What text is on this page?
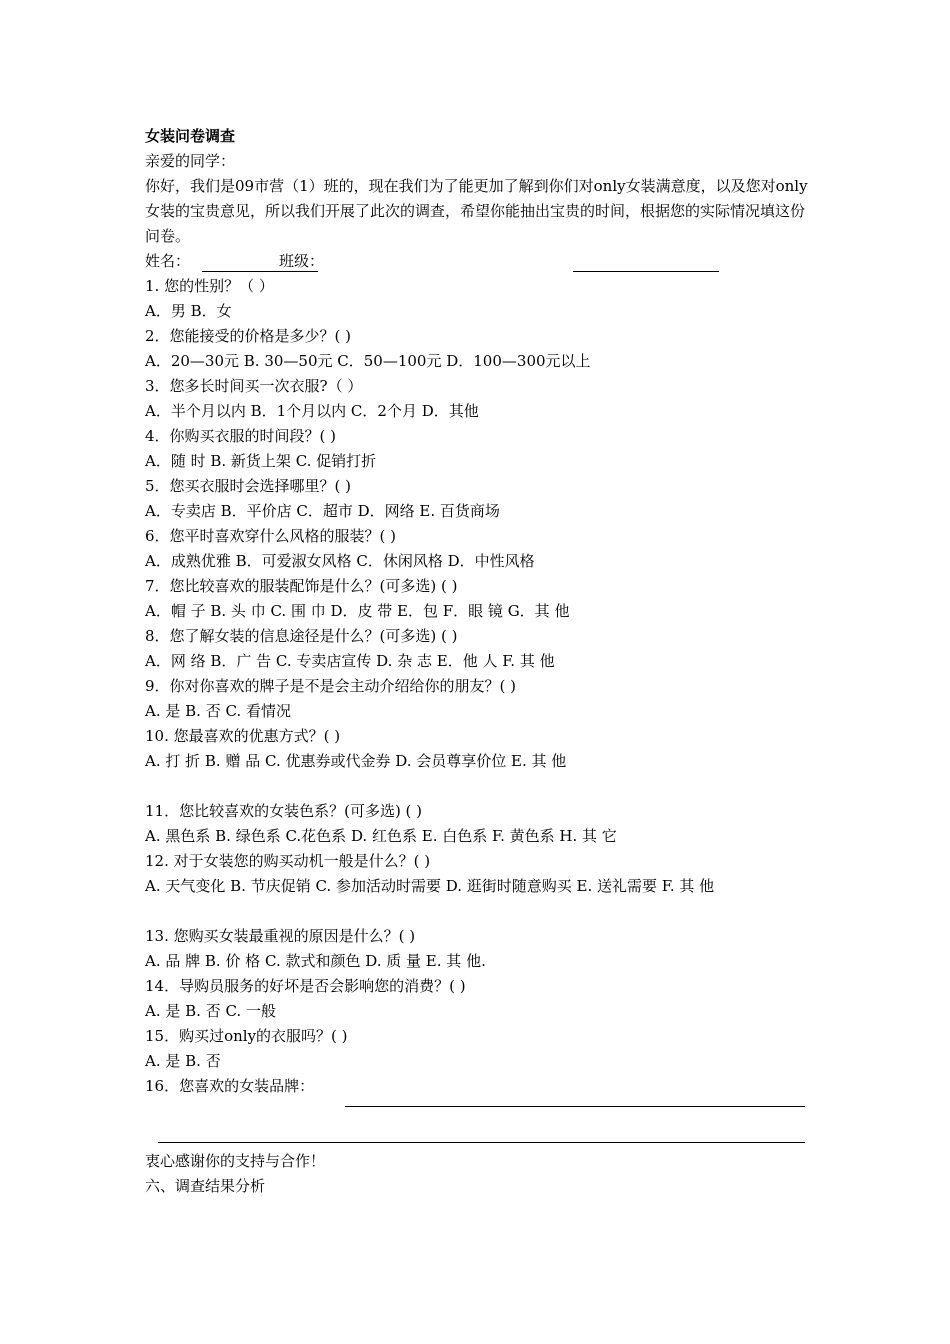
女装问卷调查
亲爱的同学：
你好，我们是09市营（1）班的，现在我们为了能更加了解到你们对only女装满意度，以及您对only女装的宝贵意见，所以我们开展了此次的调查，希望你能抽出宝贵的时间，根据您的实际情况填这份问卷。
姓名：	班级：
1. 您的性别？（ ）
A．男 B．女
2．您能接受的价格是多少？( )
A．20—30元 B. 30—50元 C．50—100元 D．100—300元以上
3．您多长时间买一次衣服?（ ）
A．半个月以内 B．1个月以内 C．2个月 D．其他
4．你购买衣服的时间段？( )
A．随 时 B. 新货上架 C. 促销打折
5．您买衣服时会选择哪里？( )
A．专卖店 B．平价店 C．超市 D．网络 E. 百货商场
6．您平时喜欢穿什么风格的服装？( )
A．成熟优雅 B．可爱淑女风格 C．休闲风格 D．中性风格
7．您比较喜欢的服装配饰是什么？(可多选) ( )
A．帽 子 B. 头 巾 C. 围 巾 D．皮 带 E．包 F．眼 镜 G．其 他
8．您了解女装的信息途径是什么？(可多选) ( )
A．网 络 B．广 告 C. 专卖店宣传 D. 杂 志 E．他 人 F. 其 他
9．你对你喜欢的牌子是不是会主动介绍给你的朋友？( )
A. 是 B. 否 C. 看情况
10. 您最喜欢的优惠方式？( )
A. 打 折 B. 赠 品 C. 优惠券或代金券 D. 会员尊享价位 E. 其 他
11．您比较喜欢的女装色系？(可多选) ( )
A. 黑色系 B. 绿色系 C.花色系 D. 红色系 E. 白色系 F. 黄色系 H. 其 它
12. 对于女装您的购买动机一般是什么？( )
A. 天气变化 B. 节庆促销 C. 参加活动时需要 D. 逛街时随意购买 E. 送礼需要 F. 其 他
13. 您购买女装最重视的原因是什么？( )
A. 品 牌 B. 价 格 C. 款式和颜色 D. 质 量 E. 其 他.
14．导购员服务的好坏是否会影响您的消费？( )
A. 是 B. 否 C. 一般
15．购买过only的衣服吗？( )
A. 是 B. 否
16．您喜欢的女装品牌：
衷心感谢你的支持与合作！
六、调查结果分析
